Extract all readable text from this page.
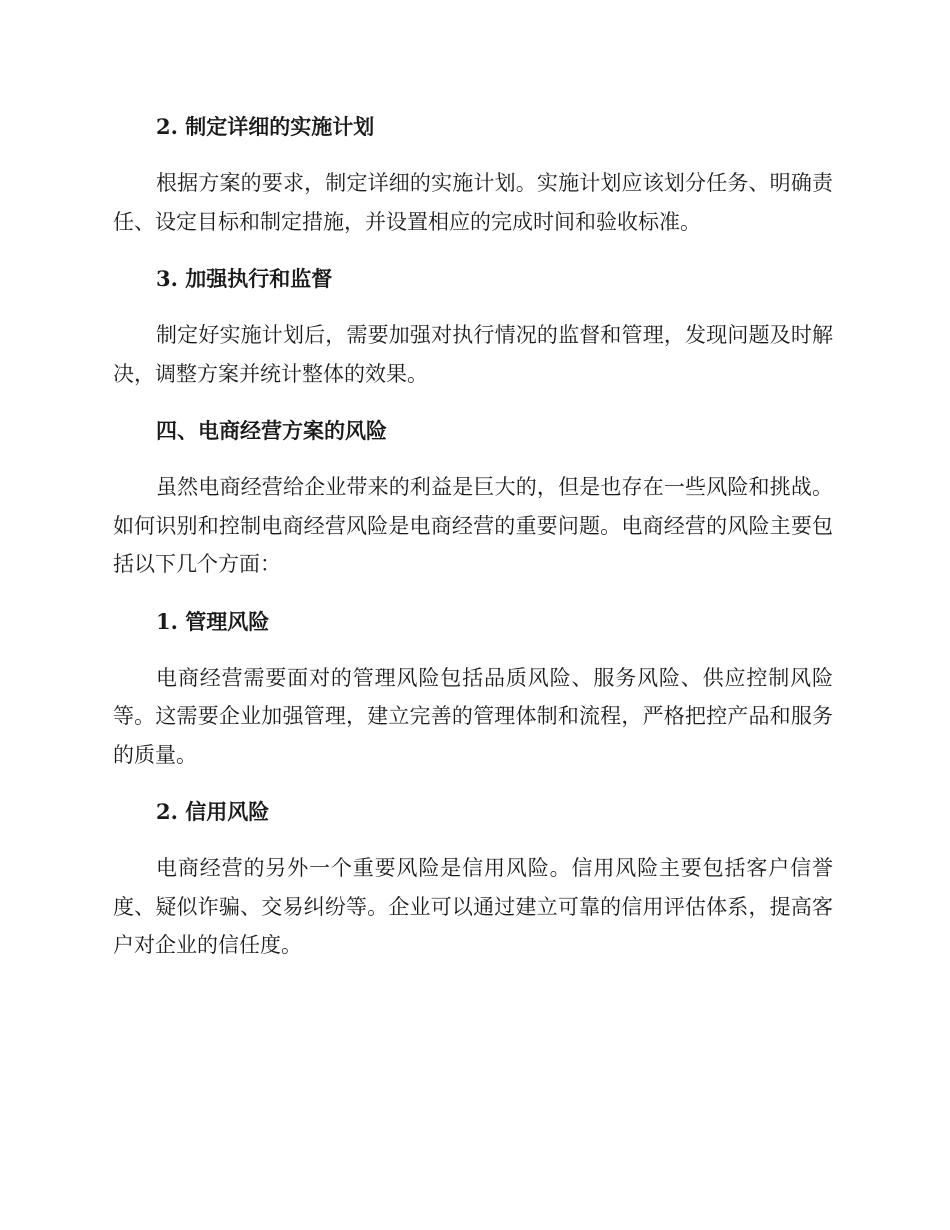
2. 制定详细的实施计划

根据方案的要求，制定详细的实施计划。实施计划应该划分任务、明确责任、设定目标和制定措施，并设置相应的完成时间和验收标准。

3. 加强执行和监督

制定好实施计划后，需要加强对执行情况的监督和管理，发现问题及时解决，调整方案并统计整体的效果。

四、电商经营方案的风险

虽然电商经营给企业带来的利益是巨大的，但是也存在一些风险和挑战。如何识别和控制电商经营风险是电商经营的重要问题。电商经营的风险主要包括以下几个方面：

1. 管理风险

电商经营需要面对的管理风险包括品质风险、服务风险、供应控制风险等。这需要企业加强管理，建立完善的管理体制和流程，严格把控产品和服务的质量。

2. 信用风险

电商经营的另外一个重要风险是信用风险。信用风险主要包括客户信誉度、疑似诈骗、交易纠纷等。企业可以通过建立可靠的信用评估体系，提高客户对企业的信任度。
